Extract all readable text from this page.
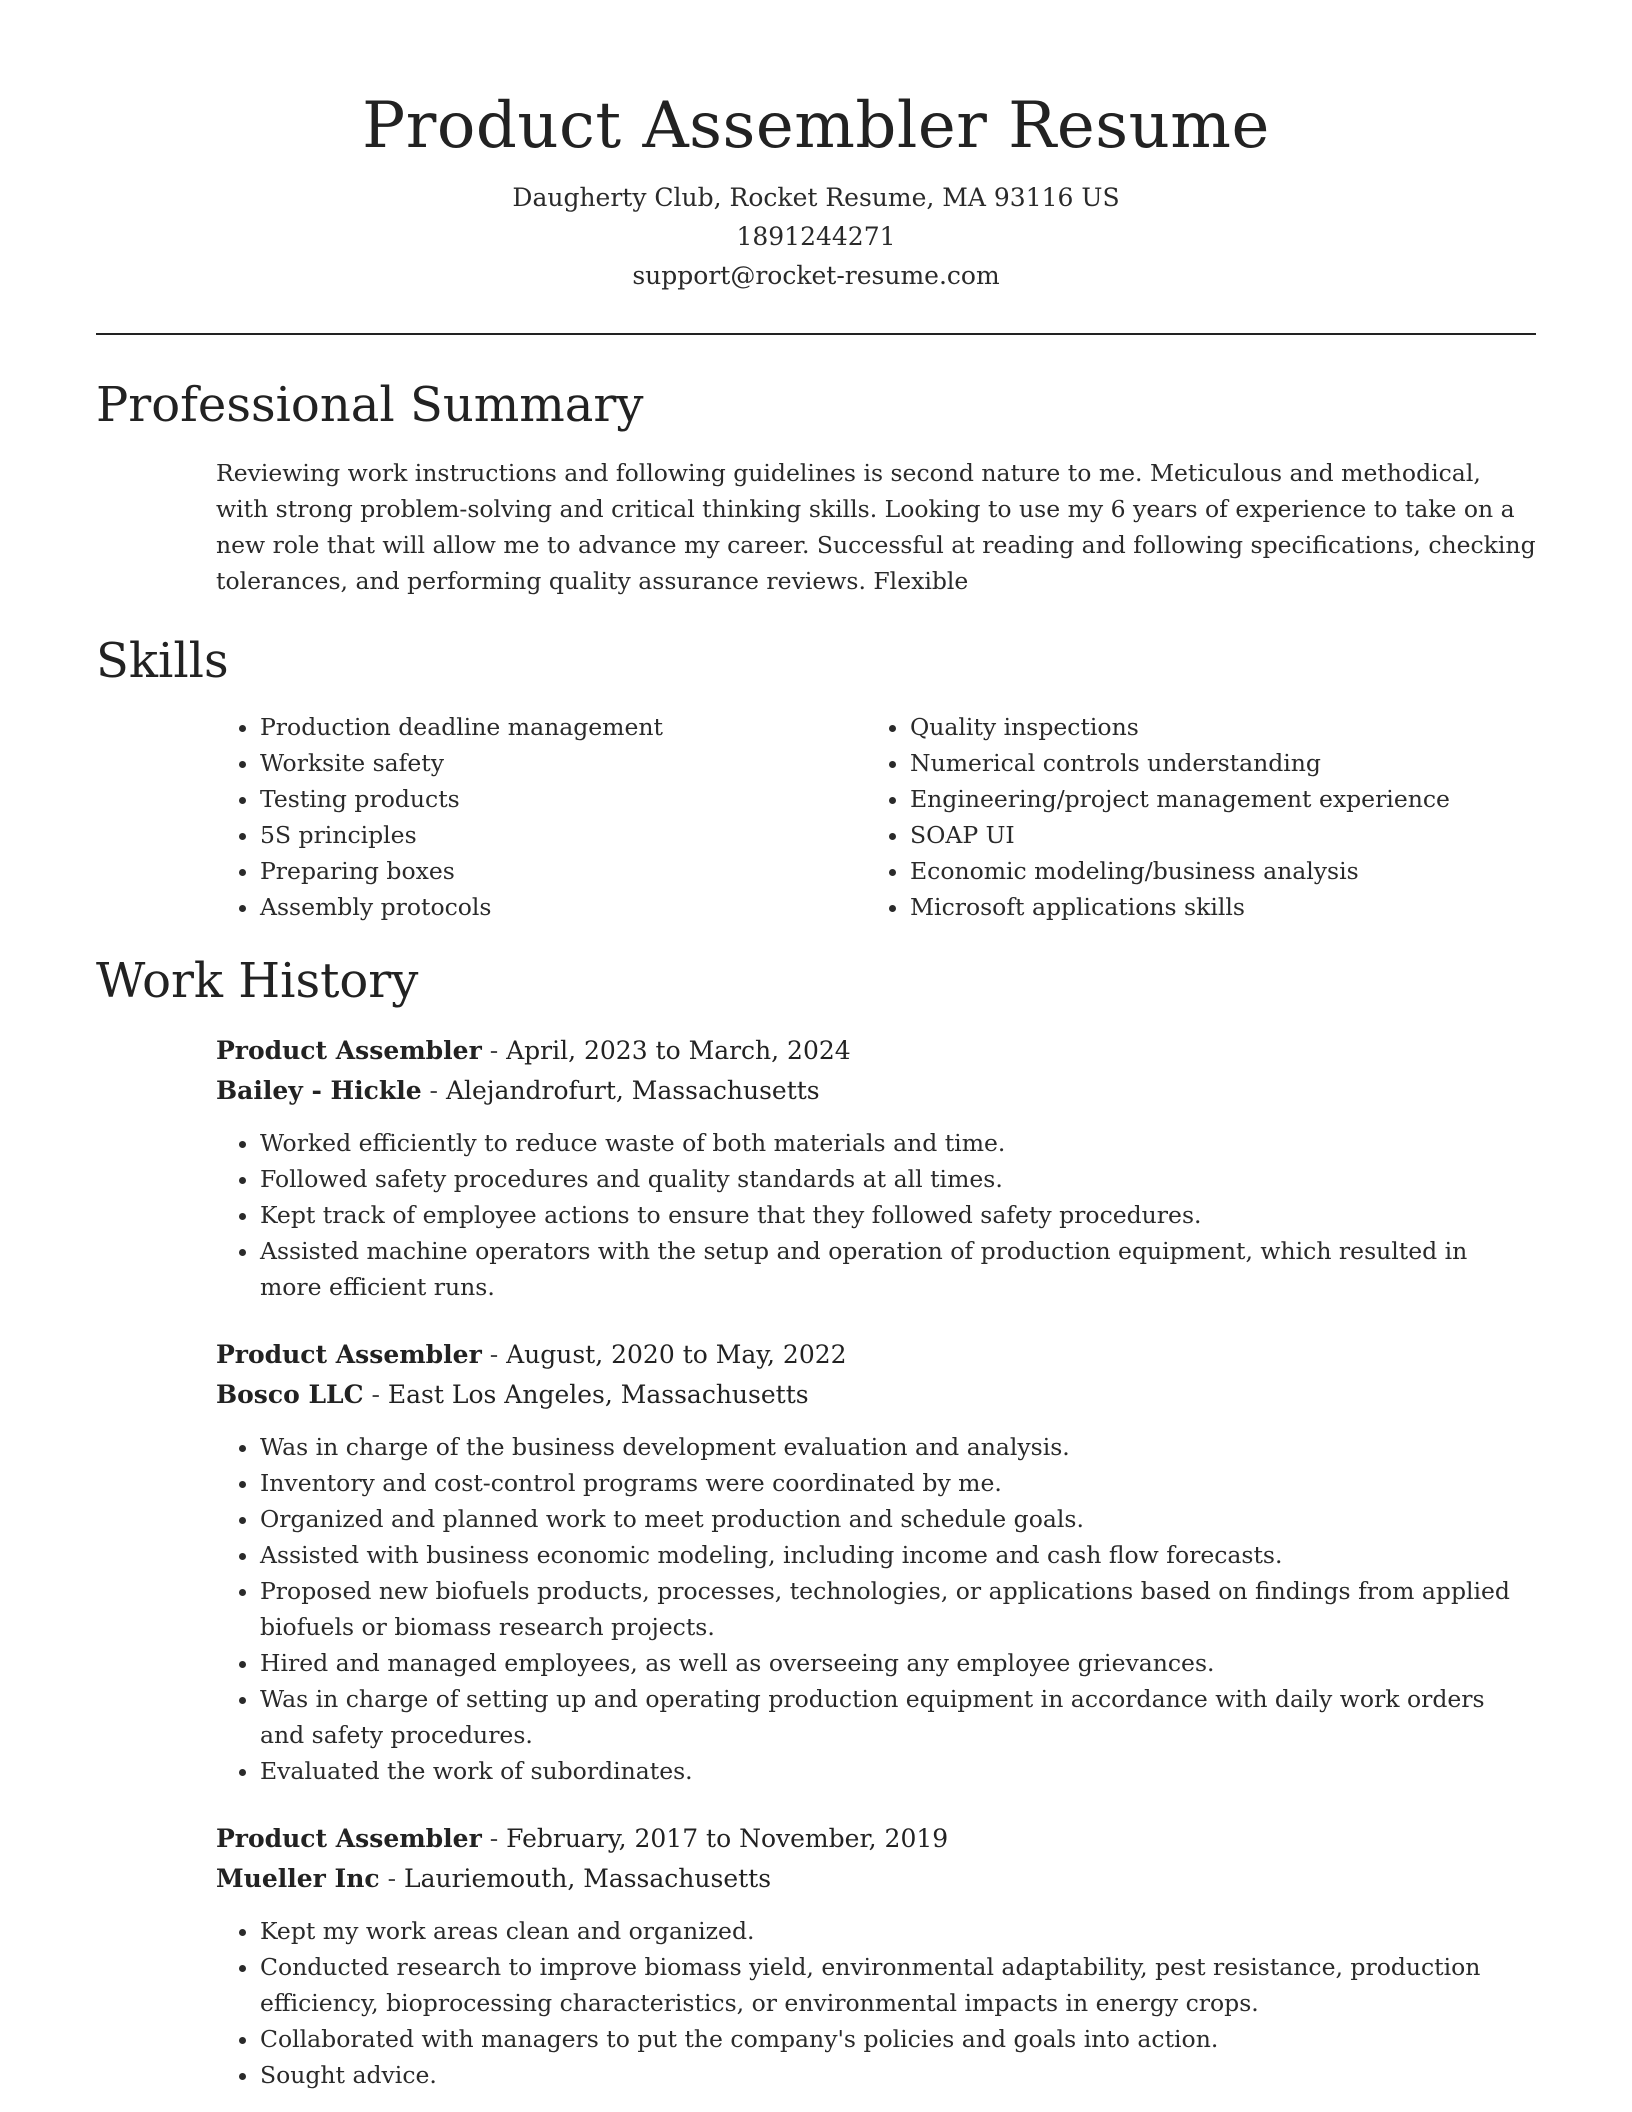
Product Assembler Resume
Daugherty Club, Rocket Resume, MA 93116 US
1891244271
support@rocket-resume.com
Professional Summary

Reviewing work instructions and following guidelines is second nature to me. Meticulous and methodical, with strong problem-solving and critical thinking skills. Looking to use my 6 years of experience to take on a new role that will allow me to advance my career. Successful at reading and following specifications, checking tolerances, and performing quality assurance reviews. Flexible

Skills
• Production deadline management
• Worksite safety
• Testing products
• 5S principles
• Preparing boxes
• Assembly protocols
• Quality inspections
• Numerical controls understanding
• Engineering/project management experience
• SOAP UI
• Economic modeling/business analysis
• Microsoft applications skills
Work History
Product Assembler - April, 2023 to March, 2024
Bailey - Hickle - Alejandrofurt, Massachusetts
• Worked efficiently to reduce waste of both materials and time.
• Followed safety procedures and quality standards at all times.
• Kept track of employee actions to ensure that they followed safety procedures.
• Assisted machine operators with the setup and operation of production equipment, which resulted in more efficient runs.
Product Assembler - August, 2020 to May, 2022
Bosco LLC - East Los Angeles, Massachusetts
• Was in charge of the business development evaluation and analysis.
• Inventory and cost-control programs were coordinated by me.
• Organized and planned work to meet production and schedule goals.
• Assisted with business economic modeling, including income and cash flow forecasts.
• Proposed new biofuels products, processes, technologies, or applications based on findings from applied biofuels or biomass research projects.
• Hired and managed employees, as well as overseeing any employee grievances.
• Was in charge of setting up and operating production equipment in accordance with daily work orders and safety procedures.
• Evaluated the work of subordinates.
Product Assembler - February, 2017 to November, 2019
Mueller Inc - Lauriemouth, Massachusetts
• Kept my work areas clean and organized.
• Conducted research to improve biomass yield, environmental adaptability, pest resistance, production efficiency, bioprocessing characteristics, or environmental impacts in energy crops.
• Collaborated with managers to put the company's policies and goals into action.
• Sought advice.
